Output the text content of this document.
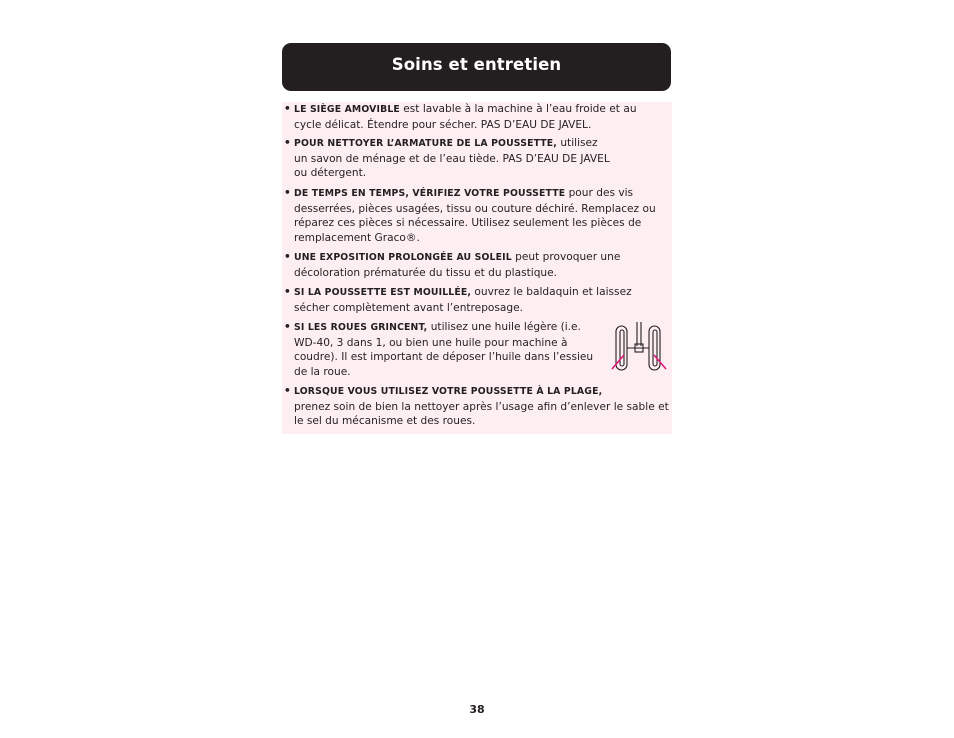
Soins et entretien
• LE SIÈGE AMOVIBLE est lavable à la machine à l’eau froide et au
cycle délicat. Étendre pour sécher. PAS D’EAU DE JAVEL.
• POUR NETTOYER L’ARMATURE DE LA POUSSETTE, utilisez
un savon de ménage et de l’eau tiède. PAS D’EAU DE JAVEL
ou détergent.
• DE TEMPS EN TEMPS, VÉRIFIEZ VOTRE POUSSETTE pour des vis
desserrées, pièces usagées, tissu ou couture déchiré. Remplacez ou
réparez ces pièces si nécessaire. Utilisez seulement les pièces de
remplacement Graco®.
• UNE EXPOSITION PROLONGÉE AU SOLEIL peut provoquer une
décoloration prématurée du tissu et du plastique.
• SI LA POUSSETTE EST MOUILLÉE, ouvrez le baldaquin et laissez
sécher complètement avant l’entreposage.
• SI LES ROUES GRINCENT, utilisez une huile légère (i.e.
WD-40, 3 dans 1, ou bien une huile pour machine à
coudre). Il est important de déposer l’huile dans l’essieu
de la roue.
• LORSQUE VOUS UTILISEZ VOTRE POUSSETTE À LA PLAGE,
prenez soin de bien la nettoyer après l’usage afin d’enlever le sable et
le sel du mécanisme et des roues.
38
